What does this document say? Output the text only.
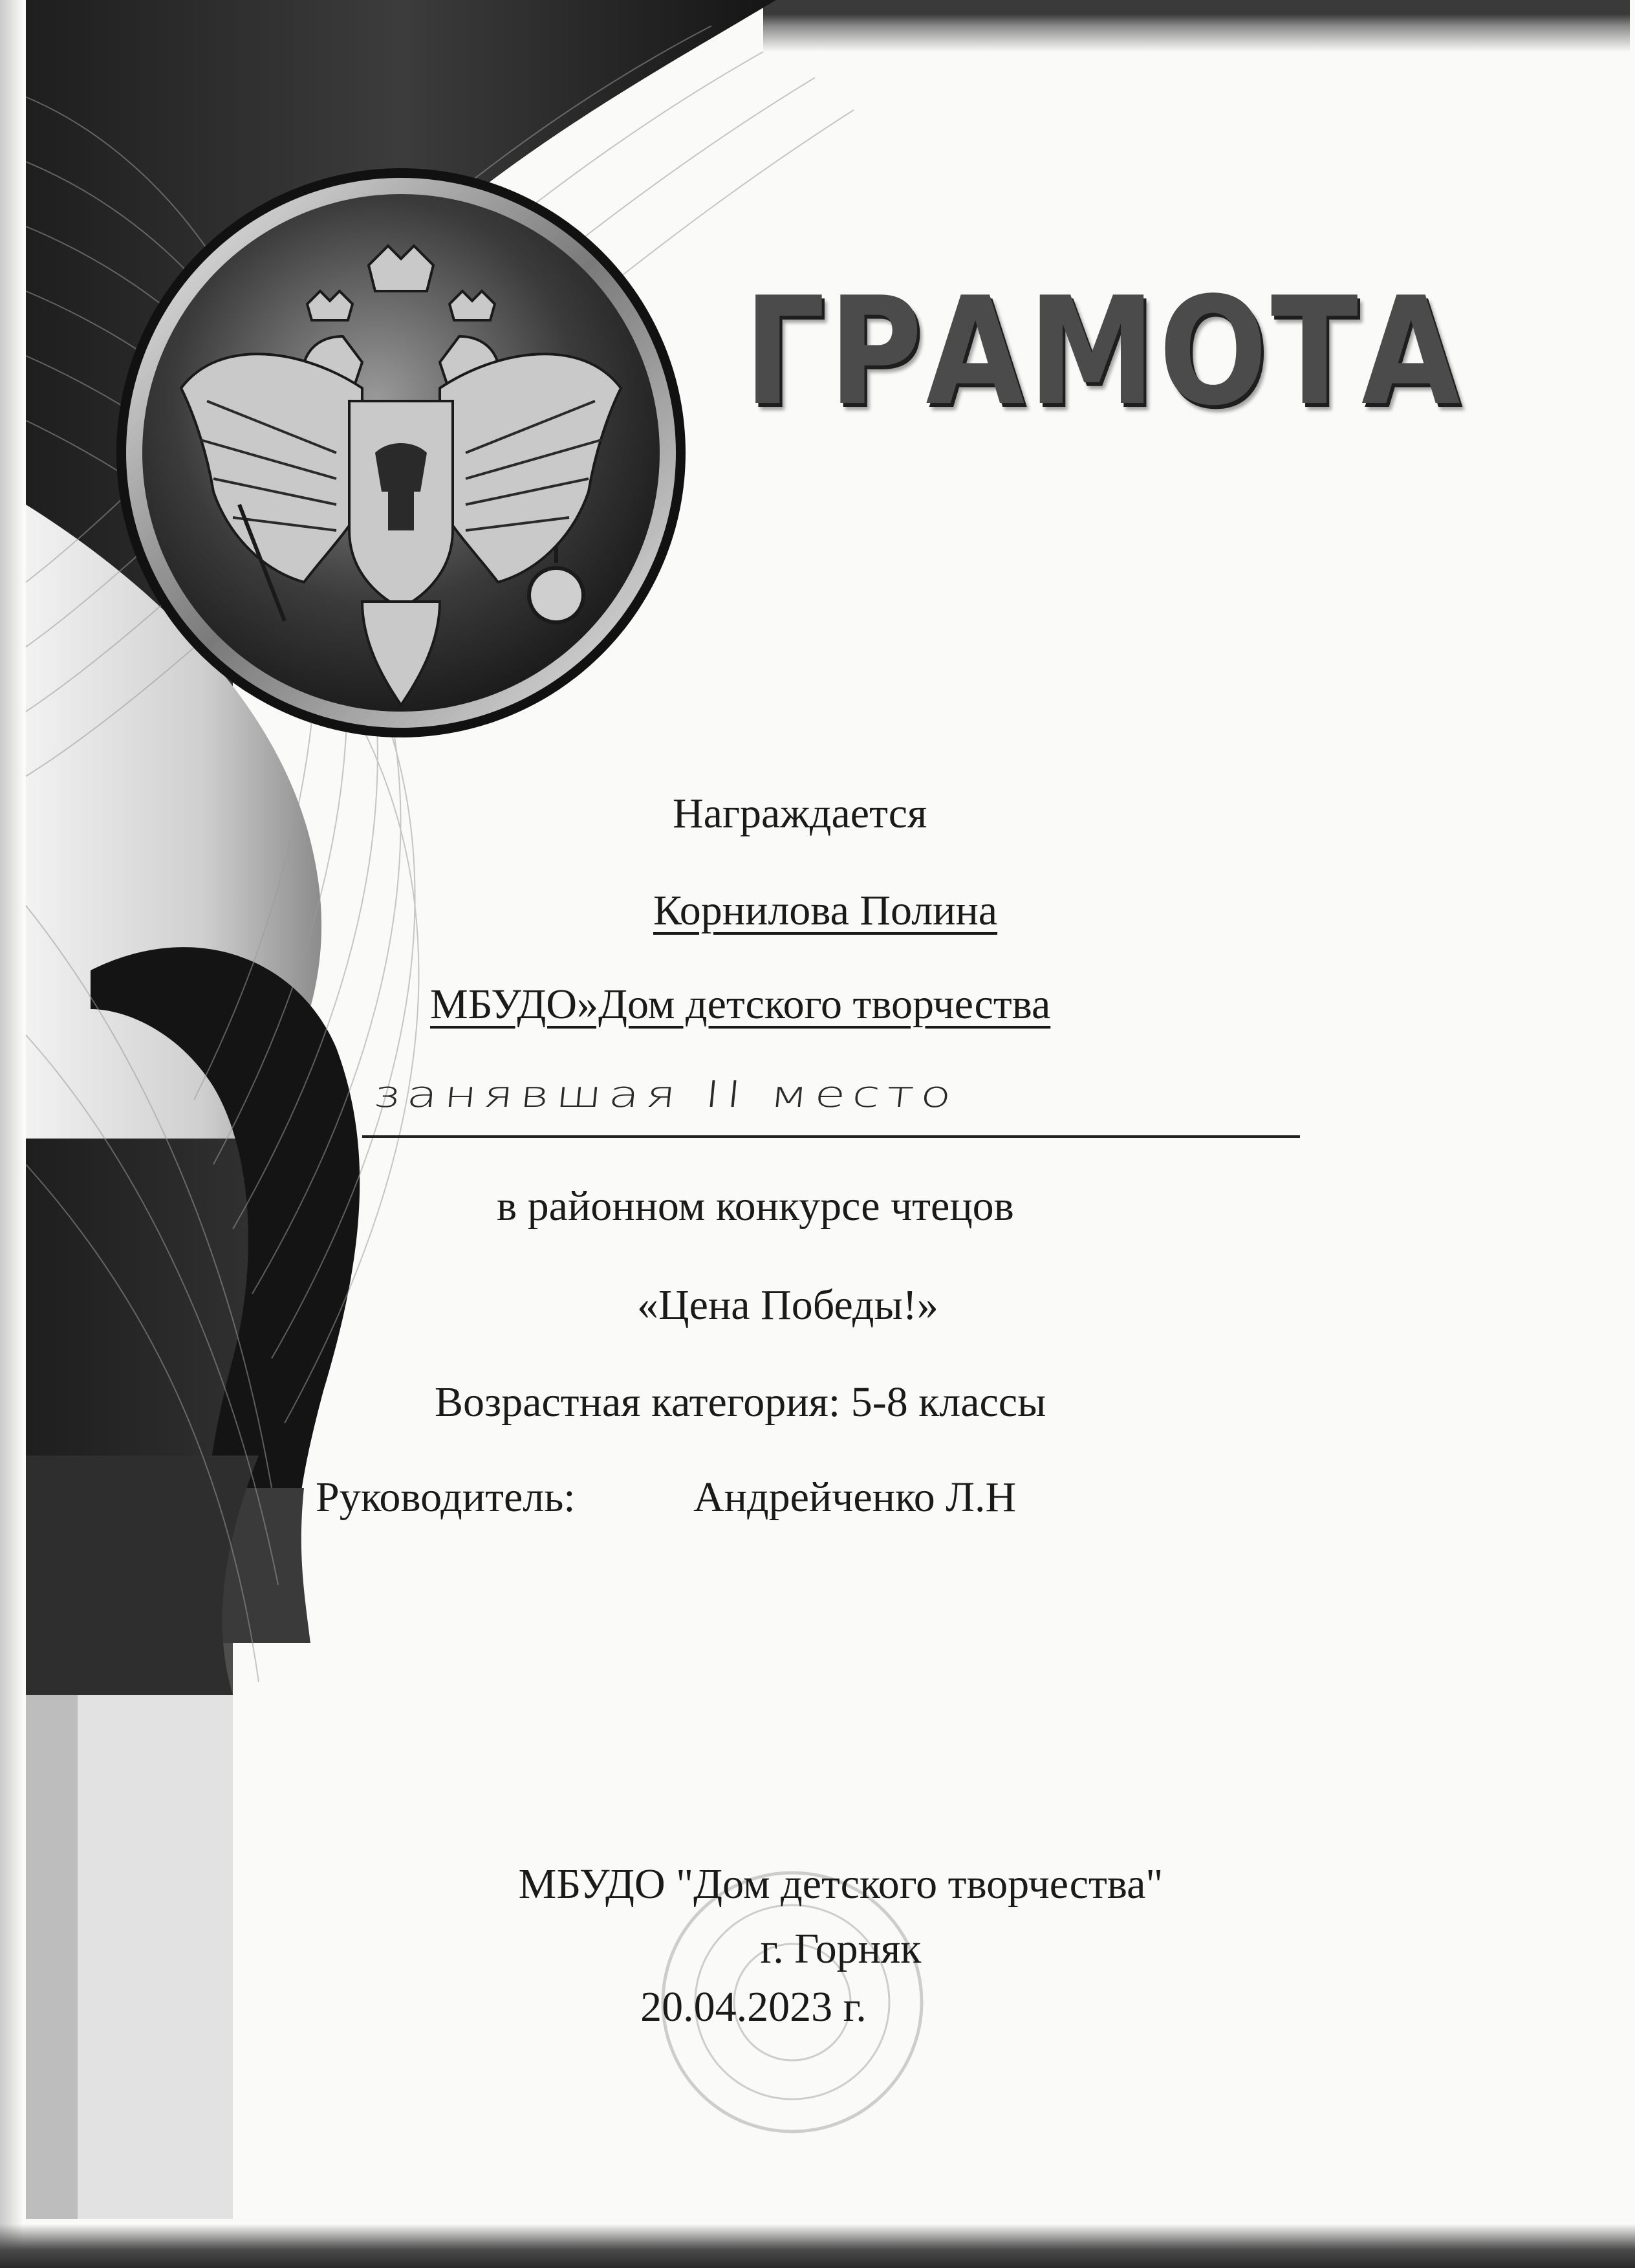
ГРАМОТА
Награждается
Корнилова Полина
МБУДО»Дом детского творчества
занявшая II место
в районном конкурсе чтецов
«Цена Победы!»
Возрастная категория: 5-8 классы
Руководитель:	Андрейченко Л.Н
МБУДО "Дом детского творчества"
г. Горняк
20.04.2023 г.
